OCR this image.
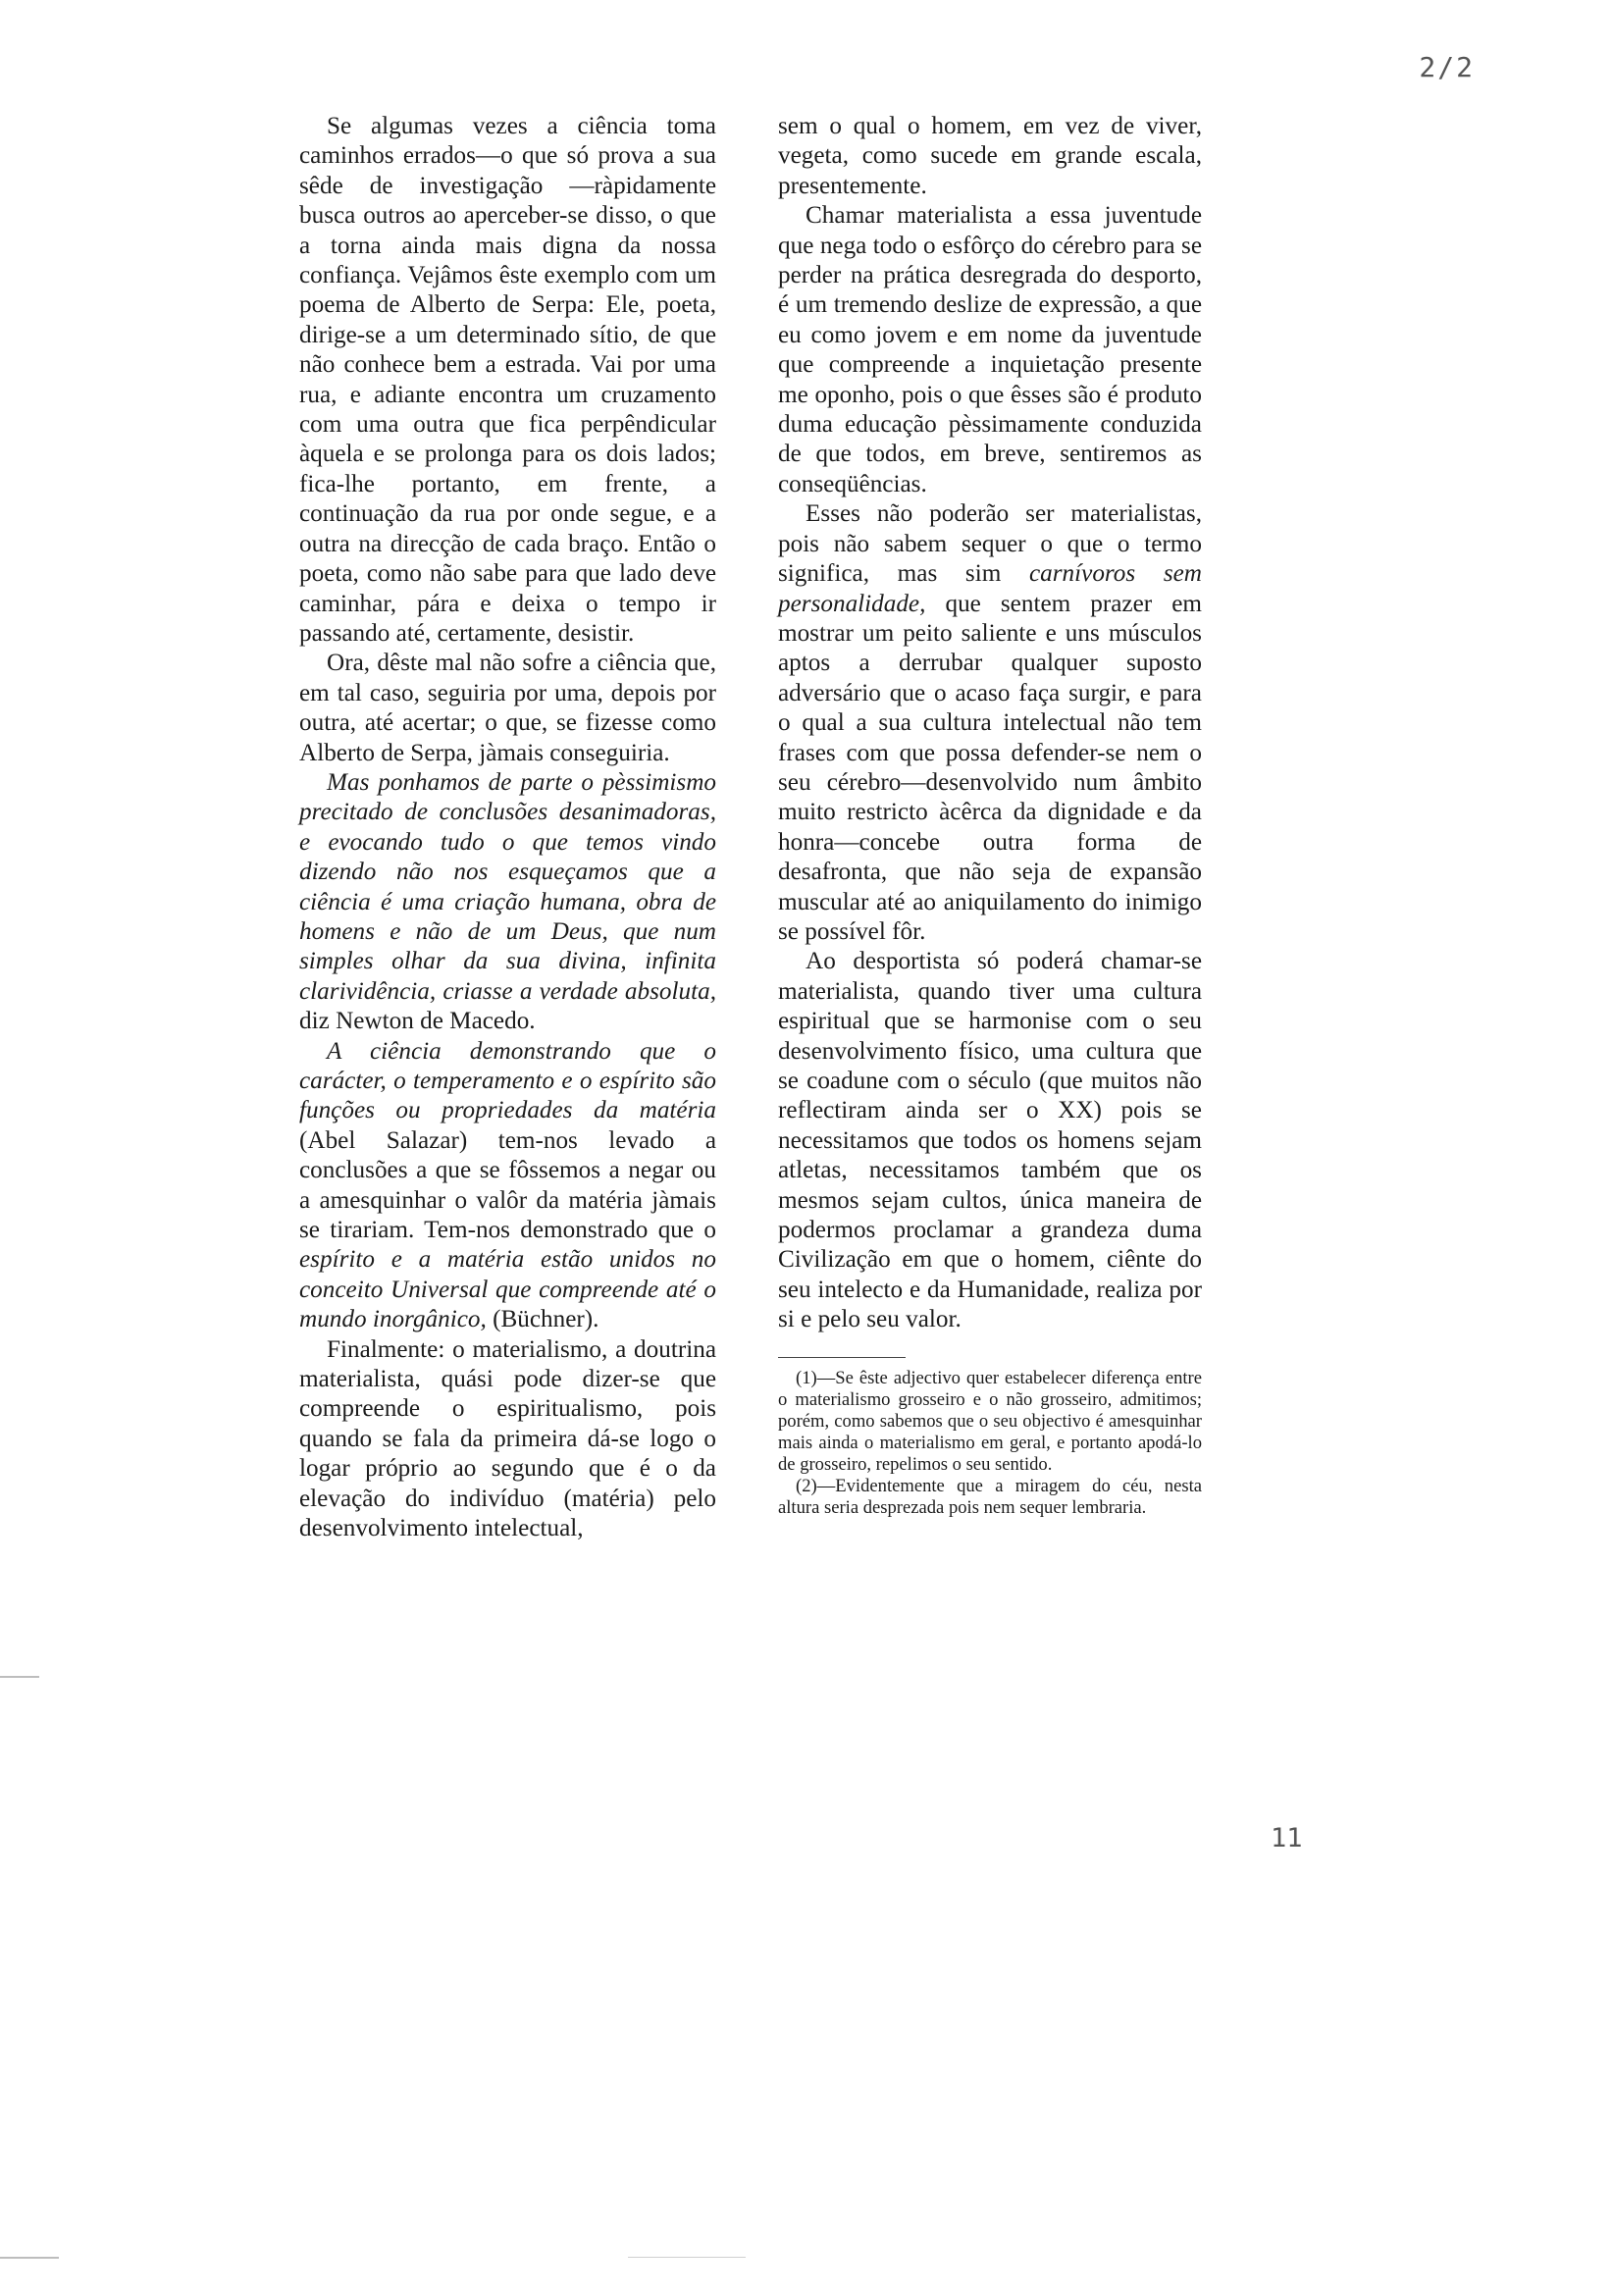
2/2

Se algumas vezes a ciência toma caminhos errados—o que só prova a sua sêde de investigação —ràpidamente busca outros ao aperceber-se disso, o que a torna ainda mais digna da nossa confiança. Vejâmos êste exemplo com um poema de Alberto de Serpa: Ele, poeta, dirige-se a um determinado sítio, de que não conhece bem a estrada. Vai por uma rua, e adiante encontra um cruzamento com uma outra que fica perpêndicular àquela e se prolonga para os dois lados; fica-lhe portanto, em frente, a continuação da rua por onde segue, e a outra na direcção de cada braço. Então o poeta, como não sabe para que lado deve caminhar, pára e deixa o tempo ir passando até, certamente, desistir.

Ora, dêste mal não sofre a ciência que, em tal caso, seguiria por uma, depois por outra, até acertar; o que, se fizesse como Alberto de Serpa, jàmais conseguiria.

Mas ponhamos de parte o pèssimismo precitado de conclusões desanimadoras, e evocando tudo o que temos vindo dizendo não nos esqueçamos que a ciência é uma criação humana, obra de homens e não de um Deus, que num simples olhar da sua divina, infinita clarividência, criasse a verdade absoluta, diz Newton de Macedo.

A ciência demonstrando que o carácter, o temperamento e o espírito são funções ou propriedades da matéria (Abel Salazar) tem-nos levado a conclusões a que se fôssemos a negar ou a amesquinhar o valôr da matéria jàmais se tirariam. Tem-nos demonstrado que o espírito e a matéria estão unidos no conceito Universal que compreende até o mundo inorgânico, (Büchner).

Finalmente: o materialismo, a doutrina materialista, quási pode dizer-se que compreende o espiritualismo, pois quando se fala da primeira dá-se logo o logar próprio ao segundo que é o da elevação do indivíduo (matéria) pelo desenvolvimento intelectual,

sem o qual o homem, em vez de viver, vegeta, como sucede em grande escala, presentemente.

Chamar materialista a essa juventude que nega todo o esfôrço do cérebro para se perder na prática desregrada do desporto, é um tremendo deslize de expressão, a que eu como jovem e em nome da juventude que compreende a inquietação presente me oponho, pois o que êsses são é produto duma educação pèssimamente conduzida de que todos, em breve, sentiremos as conseqüências.

Esses não poderão ser materialistas, pois não sabem sequer o que o termo significa, mas sim carnívoros sem personalidade, que sentem prazer em mostrar um peito saliente e uns músculos aptos a derrubar qualquer suposto adversário que o acaso faça surgir, e para o qual a sua cultura intelectual não tem frases com que possa defender-se nem o seu cérebro—desenvolvido num âmbito muito restricto àcêrca da dignidade e da honra—concebe outra forma de desafronta, que não seja de expansão muscular até ao aniquilamento do inimigo se possível fôr.

Ao desportista só poderá chamar-se materialista, quando tiver uma cultura espiritual que se harmonise com o seu desenvolvimento físico, uma cultura que se coadune com o século (que muitos não reflectiram ainda ser o XX) pois se necessitamos que todos os homens sejam atletas, necessitamos também que os mesmos sejam cultos, única maneira de podermos proclamar a grandeza duma Civilização em que o homem, ciênte do seu intelecto e da Humanidade, realiza por si e pelo seu valor.

(1)—Se êste adjectivo quer estabelecer diferença entre o materialismo grosseiro e o não grosseiro, admitimos; porém, como sabemos que o seu objectivo é amesquinhar mais ainda o materialismo em geral, e portanto apodá-lo de grosseiro, repelimos o seu sentido.

(2)—Evidentemente que a miragem do céu, nesta altura seria desprezada pois nem sequer lembraria.

11
